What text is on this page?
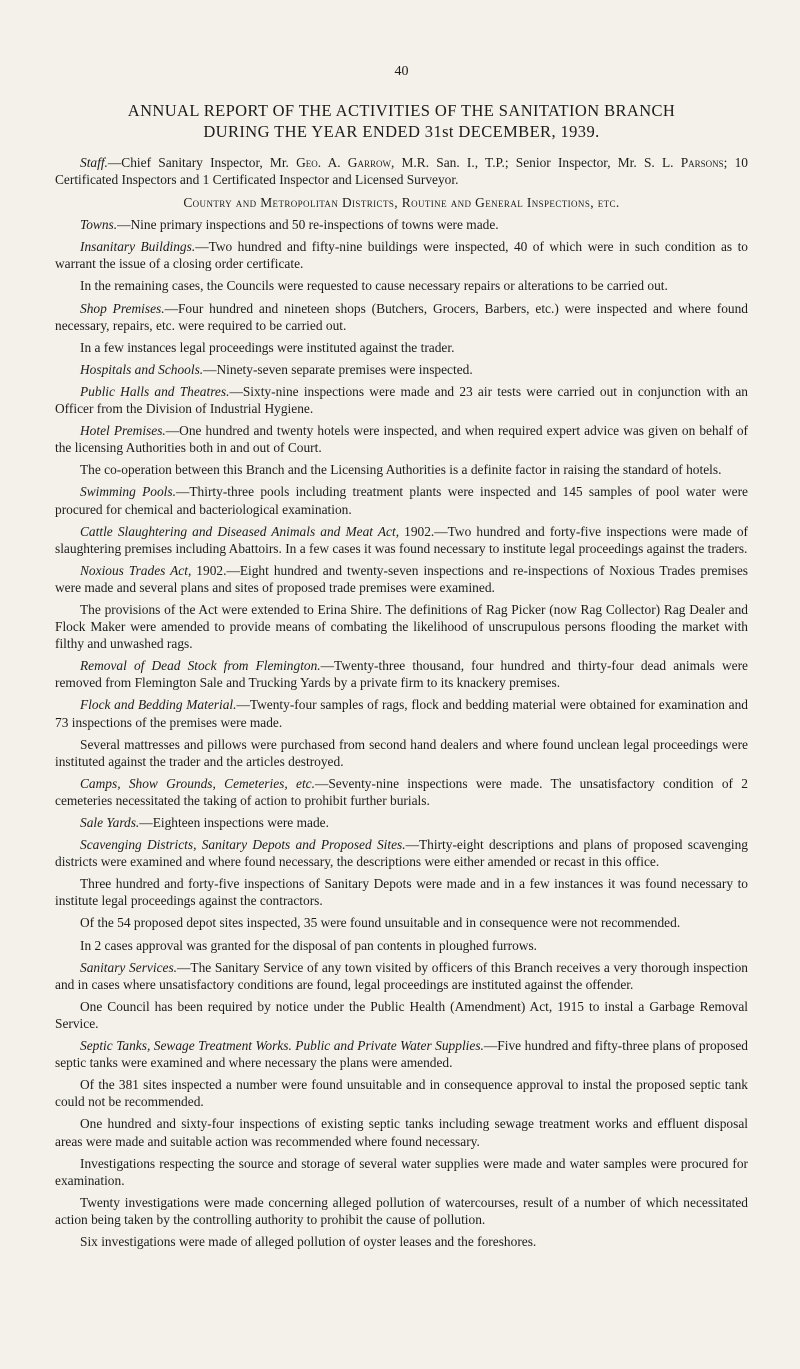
40
ANNUAL REPORT OF THE ACTIVITIES OF THE SANITATION BRANCH
DURING THE YEAR ENDED 31st DECEMBER, 1939.

Staff.—Chief Sanitary Inspector, Mr. Geo. A. Garrow, M.R. San. I., T.P.; Senior Inspector, Mr. S. L. Parsons; 10 Certificated Inspectors and 1 Certificated Inspector and Licensed Surveyor.

Country and Metropolitan Districts, Routine and General Inspections, etc.

Towns.—Nine primary inspections and 50 re-inspections of towns were made.

Insanitary Buildings.—Two hundred and fifty-nine buildings were inspected, 40 of which were in such condition as to warrant the issue of a closing order certificate.

In the remaining cases, the Councils were requested to cause necessary repairs or alterations to be carried out.

Shop Premises.—Four hundred and nineteen shops (Butchers, Grocers, Barbers, etc.) were inspected and where found necessary, repairs, etc. were required to be carried out.

In a few instances legal proceedings were instituted against the trader.

Hospitals and Schools.—Ninety-seven separate premises were inspected.

Public Halls and Theatres.—Sixty-nine inspections were made and 23 air tests were carried out in conjunction with an Officer from the Division of Industrial Hygiene.

Hotel Premises.—One hundred and twenty hotels were inspected, and when required expert advice was given on behalf of the licensing Authorities both in and out of Court.

The co-operation between this Branch and the Licensing Authorities is a definite factor in raising the standard of hotels.

Swimming Pools.—Thirty-three pools including treatment plants were inspected and 145 samples of pool water were procured for chemical and bacteriological examination.

Cattle Slaughtering and Diseased Animals and Meat Act, 1902.—Two hundred and forty-five inspections were made of slaughtering premises including Abattoirs. In a few cases it was found necessary to institute legal proceedings against the traders.

Noxious Trades Act, 1902.—Eight hundred and twenty-seven inspections and re-inspections of Noxious Trades premises were made and several plans and sites of proposed trade premises were examined.

The provisions of the Act were extended to Erina Shire. The definitions of Rag Picker (now Rag Collector) Rag Dealer and Flock Maker were amended to provide means of combating the likelihood of unscrupulous persons flooding the market with filthy and unwashed rags.

Removal of Dead Stock from Flemington.—Twenty-three thousand, four hundred and thirty-four dead animals were removed from Flemington Sale and Trucking Yards by a private firm to its knackery premises.

Flock and Bedding Material.—Twenty-four samples of rags, flock and bedding material were obtained for examination and 73 inspections of the premises were made.

Several mattresses and pillows were purchased from second hand dealers and where found unclean legal proceedings were instituted against the trader and the articles destroyed.

Camps, Show Grounds, Cemeteries, etc.—Seventy-nine inspections were made. The unsatisfactory condition of 2 cemeteries necessitated the taking of action to prohibit further burials.

Sale Yards.—Eighteen inspections were made.

Scavenging Districts, Sanitary Depots and Proposed Sites.—Thirty-eight descriptions and plans of proposed scavenging districts were examined and where found necessary, the descriptions were either amended or recast in this office.

Three hundred and forty-five inspections of Sanitary Depots were made and in a few instances it was found necessary to institute legal proceedings against the contractors.

Of the 54 proposed depot sites inspected, 35 were found unsuitable and in consequence were not recommended.

In 2 cases approval was granted for the disposal of pan contents in ploughed furrows.

Sanitary Services.—The Sanitary Service of any town visited by officers of this Branch receives a very thorough inspection and in cases where unsatisfactory conditions are found, legal proceedings are instituted against the offender.

One Council has been required by notice under the Public Health (Amendment) Act, 1915 to instal a Garbage Removal Service.

Septic Tanks, Sewage Treatment Works. Public and Private Water Supplies.—Five hundred and fifty-three plans of proposed septic tanks were examined and where necessary the plans were amended.

Of the 381 sites inspected a number were found unsuitable and in consequence approval to instal the proposed septic tank could not be recommended.

One hundred and sixty-four inspections of existing septic tanks including sewage treatment works and effluent disposal areas were made and suitable action was recommended where found necessary.

Investigations respecting the source and storage of several water supplies were made and water samples were procured for examination.

Twenty investigations were made concerning alleged pollution of watercourses, result of a number of which necessitated action being taken by the controlling authority to prohibit the cause of pollution.

Six investigations were made of alleged pollution of oyster leases and the foreshores.
